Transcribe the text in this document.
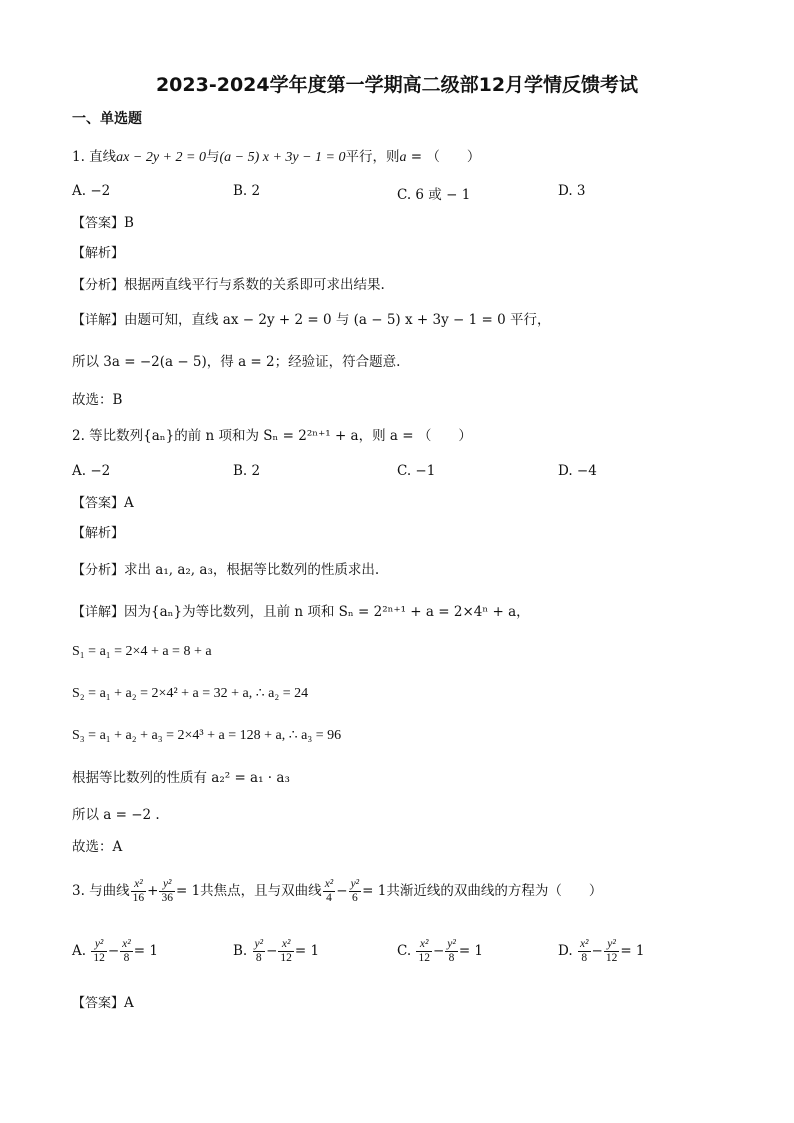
2023-2024学年度第一学期高二级部12月学情反馈考试
一、单选题
1. 直线ax − 2y + 2 = 0与(a − 5) x + 3y − 1 = 0平行，则a = （　　）
A. −2	B. 2	C. 6 或 − 1	D. 3
【答案】B
【解析】
【分析】根据两直线平行与系数的关系即可求出结果.
【详解】由题可知，直线 ax − 2y + 2 = 0 与 (a − 5) x + 3y − 1 = 0 平行，
所以 3a = −2(a − 5)，得 a = 2；经验证，符合题意.
故选：B
2. 等比数列{aₙ}的前 n 项和为 Sₙ = 2²ⁿ⁺¹ + a，则 a = （　　）
A. −2	B. 2	C. −1	D. −4
【答案】A
【解析】
【分析】求出 a₁, a₂, a₃，根据等比数列的性质求出.
【详解】因为{aₙ}为等比数列，且前 n 项和 Sₙ = 2²ⁿ⁺¹ + a = 2×4ⁿ + a，
S₁ = a₁ = 2×4 + a = 8 + a
S₂ = a₁ + a₂ = 2×4² + a = 32 + a, ∴ a₂ = 24
S₃ = a₁ + a₂ + a₃ = 2×4³ + a = 128 + a, ∴ a₃ = 96
根据等比数列的性质有 a₂² = a₁ · a₃
所以 a = −2 .
故选：A
3. 与曲线 $\frac{\text{x²}}{16} + \frac{\text{y²}}{36} = 1$共焦点，且与双曲线 $\frac{\text{x²}}{4} - \frac{\text{y²}}{6} = 1$共渐近线的双曲线的方程为（　　）
A. $\frac{\text{y²}}{12} - \frac{\text{x²}}{8} = 1$	B. $\frac{\text{y²}}{8} - \frac{\text{x²}}{12} = 1$	C. $\frac{\text{x²}}{12} - \frac{\text{y²}}{8} = 1$	D. $\frac{\text{x²}}{8} - \frac{\text{y²}}{12} = 1$
【答案】A
